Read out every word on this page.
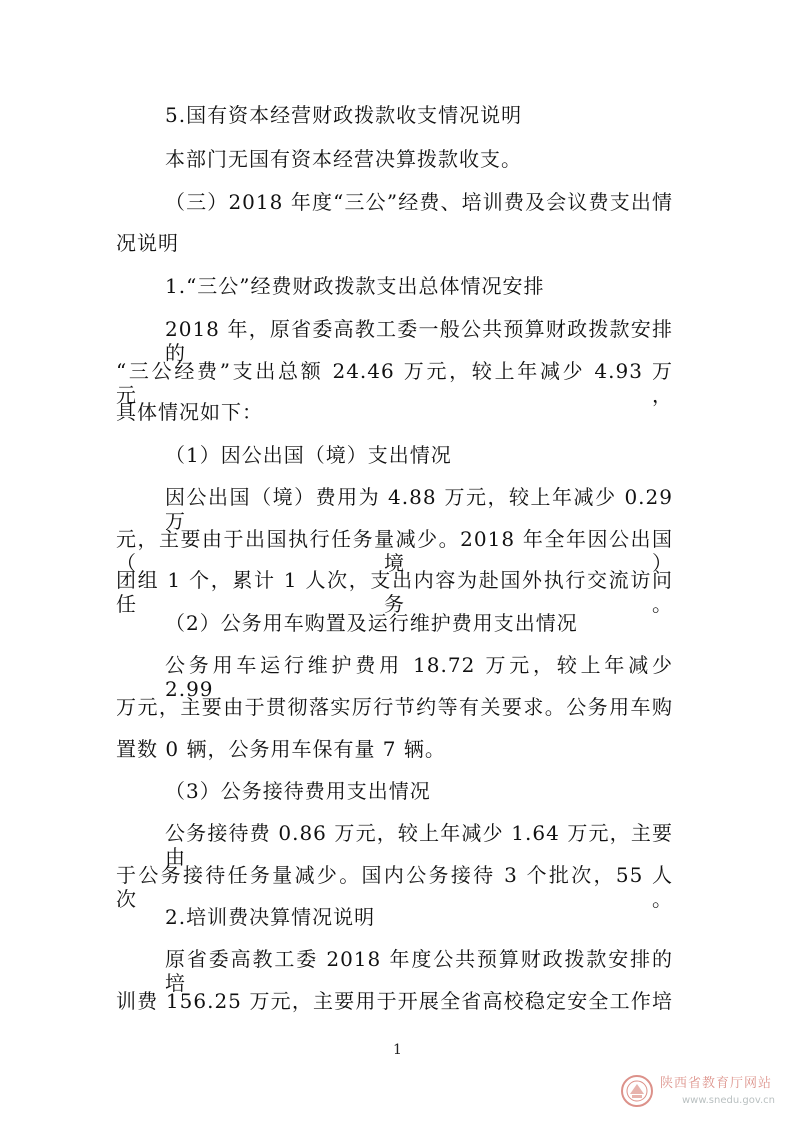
5.国有资本经营财政拨款收支情况说明
本部门无国有资本经营决算拨款收支。
（三）2018 年度“三公”经费、培训费及会议费支出情
况说明
1.“三公”经费财政拨款支出总体情况安排
2018 年，原省委高教工委一般公共预算财政拨款安排的
“三公经费”支出总额 24.46 万元，较上年减少 4.93 万元，
具体情况如下：
（1）因公出国（境）支出情况
因公出国（境）费用为 4.88 万元，较上年减少 0.29 万
元，主要由于出国执行任务量减少。2018 年全年因公出国（境）
团组 1 个，累计 1 人次，支出内容为赴国外执行交流访问任务。
（2）公务用车购置及运行维护费用支出情况
公务用车运行维护费用 18.72 万元，较上年减少 2.99
万元，主要由于贯彻落实厉行节约等有关要求。公务用车购
置数 0 辆，公务用车保有量 7 辆。
（3）公务接待费用支出情况
公务接待费 0.86 万元，较上年减少 1.64 万元，主要由
于公务接待任务量减少。国内公务接待 3 个批次，55 人次。
2.培训费决算情况说明
原省委高教工委 2018 年度公共预算财政拨款安排的培
训费 156.25 万元，主要用于开展全省高校稳定安全工作培
1
陕西省教育厅网站
www.snedu.gov.cn
